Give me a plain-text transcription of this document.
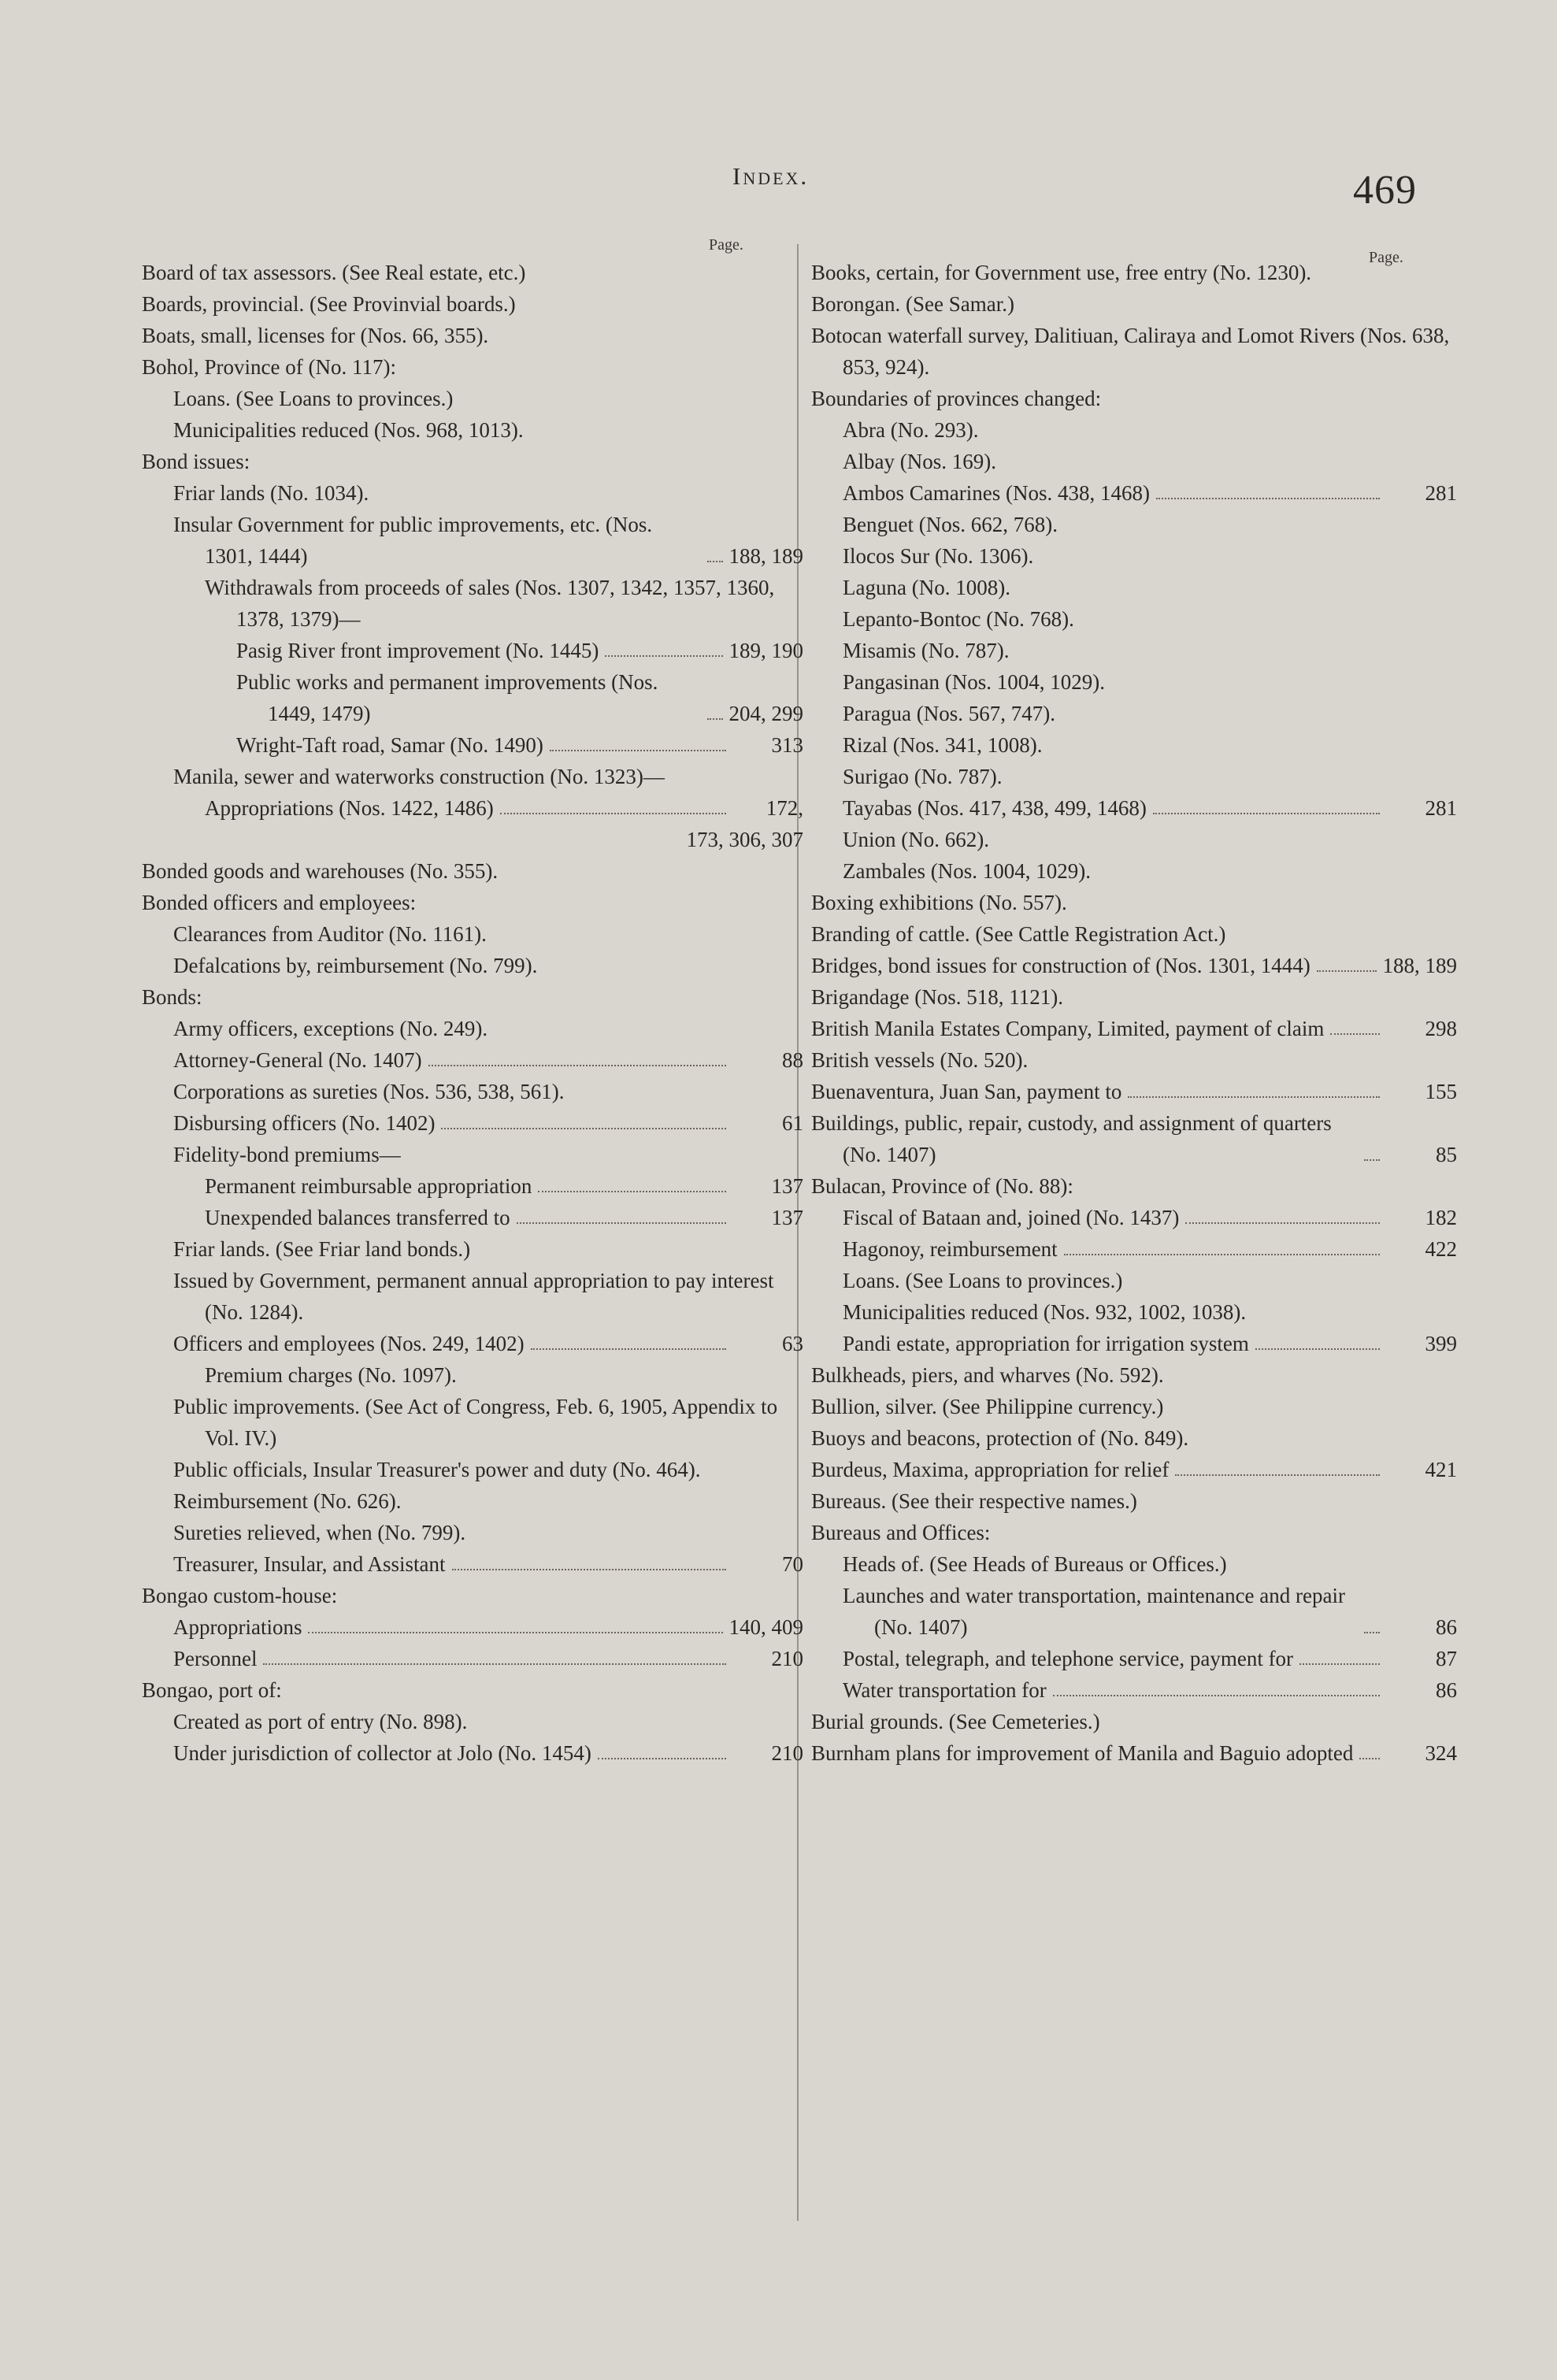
Index.	469
Page.
Page.
Board of tax assessors. (See Real estate, etc.)
Boards, provincial. (See Provinvial boards.)
Boats, small, licenses for (Nos. 66, 355).
Bohol, Province of (No. 117):
Loans. (See Loans to provinces.)
Municipalities reduced (Nos. 968, 1013).
Bond issues:
Friar lands (No. 1034).
Insular Government for public improvements, etc. (Nos. 1301, 1444)	188, 189
Withdrawals from proceeds of sales (Nos. 1307, 1342, 1357, 1360, 1378, 1379)—
Pasig River front improvement (No. 1445)	189, 190
Public works and permanent improvements (Nos. 1449, 1479)	204, 299
Wright-Taft road, Samar (No. 1490)	313
Manila, sewer and waterworks construction (No. 1323)—
Appropriations (Nos. 1422, 1486)	172,
173, 306, 307
Bonded goods and warehouses (No. 355).
Bonded officers and employees:
Clearances from Auditor (No. 1161).
Defalcations by, reimbursement (No. 799).
Bonds:
Army officers, exceptions (No. 249).
Attorney-General (No. 1407)	88
Corporations as sureties (Nos. 536, 538, 561).
Disbursing officers (No. 1402)	61
Fidelity-bond premiums—
Permanent reimbursable appropriation	137
Unexpended balances transferred to	137
Friar lands. (See Friar land bonds.)
Issued by Government, permanent annual appropriation to pay interest (No. 1284).
Officers and employees (Nos. 249, 1402)	63
Premium charges (No. 1097).
Public improvements. (See Act of Congress, Feb. 6, 1905, Appendix to Vol. IV.)
Public officials, Insular Treasurer's power and duty (No. 464).
Reimbursement (No. 626).
Sureties relieved, when (No. 799).
Treasurer, Insular, and Assistant	70
Bongao custom-house:
Appropriations	140, 409
Personnel	210
Bongao, port of:
Created as port of entry (No. 898).
Under jurisdiction of collector at Jolo (No. 1454)	210
Books, certain, for Government use, free entry (No. 1230).
Borongan. (See Samar.)
Botocan waterfall survey, Dalitiuan, Caliraya and Lomot Rivers (Nos. 638, 853, 924).
Boundaries of provinces changed:
Abra (No. 293).
Albay (Nos. 169).
Ambos Camarines (Nos. 438, 1468)	281
Benguet (Nos. 662, 768).
Ilocos Sur (No. 1306).
Laguna (No. 1008).
Lepanto-Bontoc (No. 768).
Misamis (No. 787).
Pangasinan (Nos. 1004, 1029).
Paragua (Nos. 567, 747).
Rizal (Nos. 341, 1008).
Surigao (No. 787).
Tayabas (Nos. 417, 438, 499, 1468)	281
Union (No. 662).
Zambales (Nos. 1004, 1029).
Boxing exhibitions (No. 557).
Branding of cattle. (See Cattle Registration Act.)
Bridges, bond issues for construction of (Nos. 1301, 1444)	188, 189
Brigandage (Nos. 518, 1121).
British Manila Estates Company, Limited, payment of claim	298
British vessels (No. 520).
Buenaventura, Juan San, payment to	155
Buildings, public, repair, custody, and assignment of quarters (No. 1407)	85
Bulacan, Province of (No. 88):
Fiscal of Bataan and, joined (No. 1437)	182
Hagonoy, reimbursement	422
Loans. (See Loans to provinces.)
Municipalities reduced (Nos. 932, 1002, 1038).
Pandi estate, appropriation for irrigation system	399
Bulkheads, piers, and wharves (No. 592).
Bullion, silver. (See Philippine currency.)
Buoys and beacons, protection of (No. 849).
Burdeus, Maxima, appropriation for relief	421
Bureaus. (See their respective names.)
Bureaus and Offices:
Heads of. (See Heads of Bureaus or Offices.)
Launches and water transportation, maintenance and repair (No. 1407)	86
Postal, telegraph, and telephone service, payment for	87
Water transportation for	86
Burial grounds. (See Cemeteries.)
Burnham plans for improvement of Manila and Baguio adopted	324
